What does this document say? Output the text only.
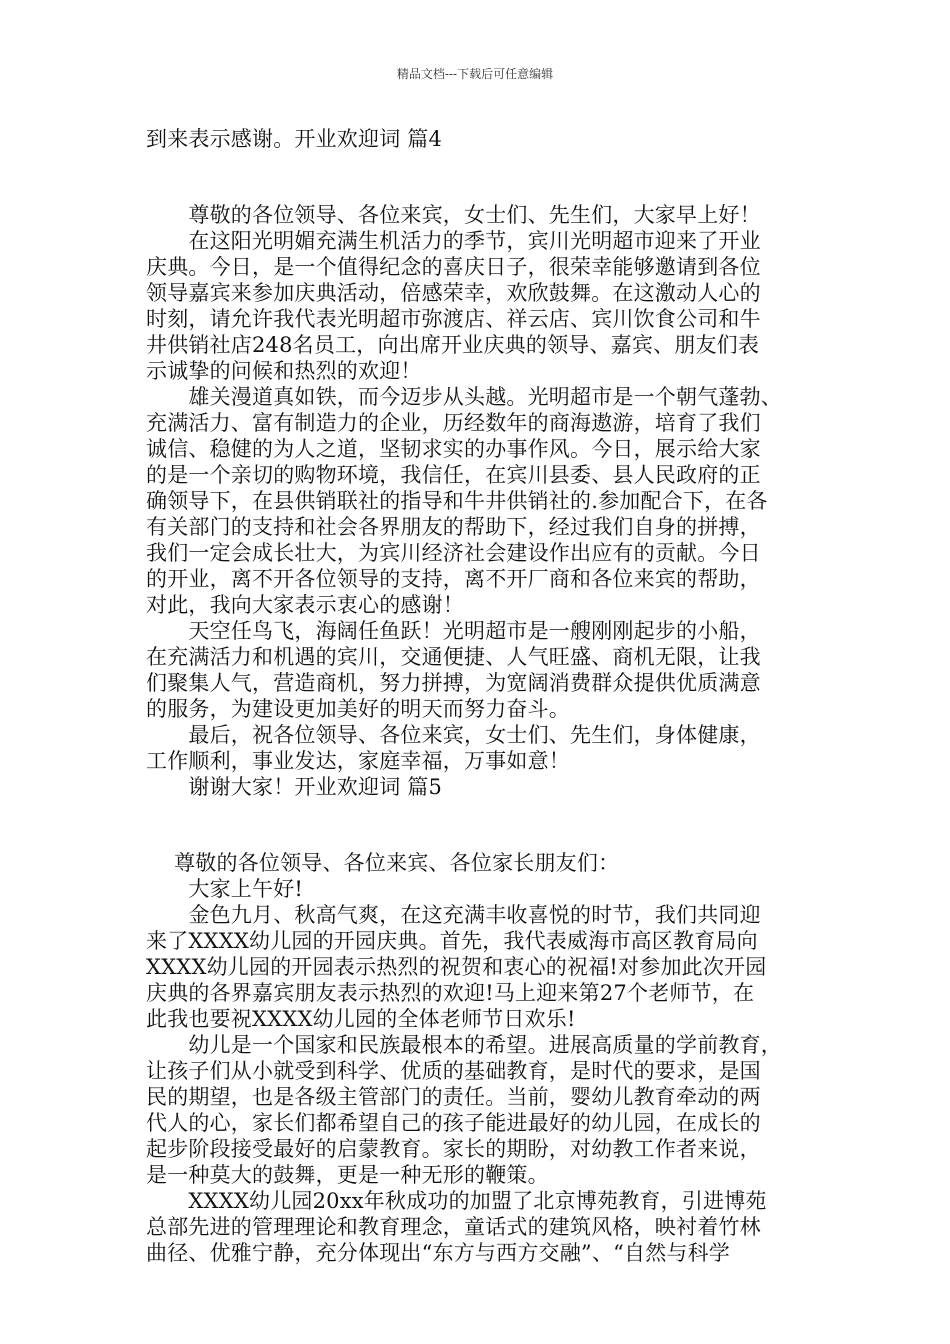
精品文档---下载后可任意编辑
到来表示感谢。开业欢迎词 篇4
　　尊敬的各位领导、各位来宾，女士们、先生们，大家早上好！
　　在这阳光明媚充满生机活力的季节，宾川光明超市迎来了开业
庆典。今日，是一个值得纪念的喜庆日子，很荣幸能够邀请到各位
领导嘉宾来参加庆典活动，倍感荣幸，欢欣鼓舞。在这激动人心的
时刻，请允许我代表光明超市弥渡店、祥云店、宾川饮食公司和牛
井供销社店248名员工，向出席开业庆典的领导、嘉宾、朋友们表
示诚挚的问候和热烈的欢迎！
　　雄关漫道真如铁，而今迈步从头越。光明超市是一个朝气蓬勃、
充满活力、富有制造力的企业，历经数年的商海遨游，培育了我们
诚信、稳健的为人之道，坚韧求实的办事作风。今日，展示给大家
的是一个亲切的购物环境，我信任，在宾川县委、县人民政府的正
确领导下，在县供销联社的指导和牛井供销社的.参加配合下，在各
有关部门的支持和社会各界朋友的帮助下，经过我们自身的拼搏，
我们一定会成长壮大，为宾川经济社会建设作出应有的贡献。今日
的开业，离不开各位领导的支持，离不开厂商和各位来宾的帮助，
对此，我向大家表示衷心的感谢！
　　天空任鸟飞，海阔任鱼跃！光明超市是一艘刚刚起步的小船，
在充满活力和机遇的宾川，交通便捷、人气旺盛、商机无限，让我
们聚集人气，营造商机，努力拼搏，为宽阔消费群众提供优质满意
的服务，为建设更加美好的明天而努力奋斗。
　　最后，祝各位领导、各位来宾，女士们、先生们，身体健康，
工作顺利，事业发达，家庭幸福，万事如意！
　　谢谢大家！开业欢迎词 篇5
　 尊敬的各位领导、各位来宾、各位家长朋友们：
　　大家上午好!
　　金色九月、秋高气爽，在这充满丰收喜悦的时节，我们共同迎
来了XXXX幼儿园的开园庆典。首先，我代表威海市高区教育局向
XXXX幼儿园的开园表示热烈的祝贺和衷心的祝福!对参加此次开园
庆典的各界嘉宾朋友表示热烈的欢迎!马上迎来第27个老师节，在
此我也要祝XXXX幼儿园的全体老师节日欢乐!
　　幼儿是一个国家和民族最根本的希望。进展高质量的学前教育，
让孩子们从小就受到科学、优质的基础教育，是时代的要求，是国
民的期望，也是各级主管部门的责任。当前，婴幼儿教育牵动的两
代人的心，家长们都希望自己的孩子能进最好的幼儿园，在成长的
起步阶段接受最好的启蒙教育。家长的期盼，对幼教工作者来说，
是一种莫大的鼓舞，更是一种无形的鞭策。
　　XXXX幼儿园20xx年秋成功的加盟了北京博苑教育，引进博苑
总部先进的管理理论和教育理念，童话式的建筑风格，映衬着竹林
曲径、优雅宁静，充分体现出“东方与西方交融”、“自然与科学
